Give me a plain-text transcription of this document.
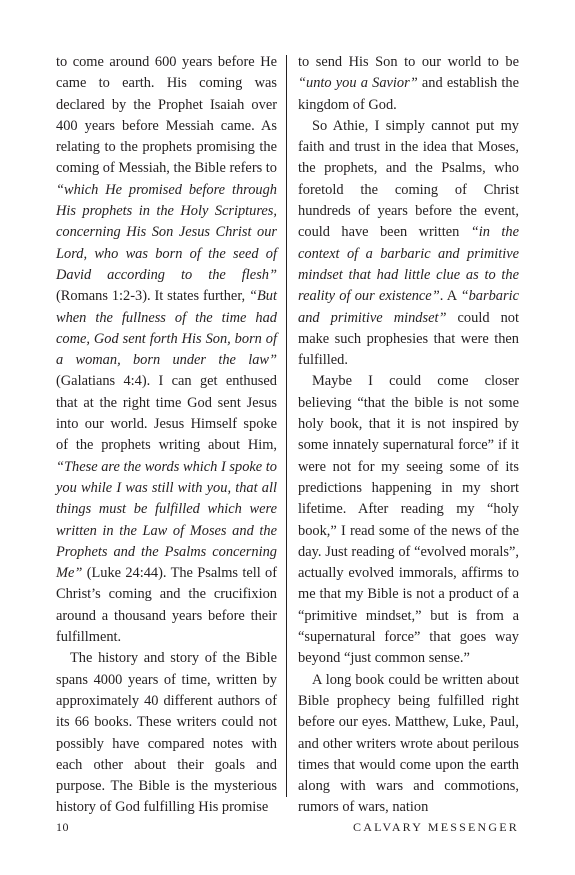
to come around 600 years before He came to earth. His coming was declared by the Prophet Isaiah over 400 years before Messiah came. As relating to the prophets promising the coming of Messiah, the Bible refers to “which He promised before through His prophets in the Holy Scriptures, concerning His Son Jesus Christ our Lord, who was born of the seed of David according to the flesh” (Romans 1:2-3). It states further, “But when the fullness of the time had come, God sent forth His Son, born of a woman, born under the law” (Galatians 4:4). I can get enthused that at the right time God sent Jesus into our world. Jesus Himself spoke of the prophets writing about Him, “These are the words which I spoke to you while I was still with you, that all things must be fulfilled which were written in the Law of Moses and the Prophets and the Psalms concerning Me” (Luke 24:44). The Psalms tell of Christ’s coming and the crucifixion around a thousand years before their fulfillment.

The history and story of the Bible spans 4000 years of time, written by approximately 40 different authors of its 66 books. These writers could not possibly have compared notes with each other about their goals and purpose. The Bible is the mysterious history of God fulfilling His promise

to send His Son to our world to be “unto you a Savior” and establish the kingdom of God.

So Athie, I simply cannot put my faith and trust in the idea that Moses, the prophets, and the Psalms, who foretold the coming of Christ hundreds of years before the event, could have been written “in the context of a barbaric and primitive mindset that had little clue as to the reality of our existence”. A “barbaric and primitive mindset” could not make such prophesies that were then fulfilled.

Maybe I could come closer believing “that the bible is not some holy book, that it is not inspired by some innately supernatural force” if it were not for my seeing some of its predictions happening in my short lifetime. After reading my “holy book,” I read some of the news of the day. Just reading of “evolved morals”, actually evolved immorals, affirms to me that my Bible is not a product of a “primitive mindset,” but is from a “supernatural force” that goes way beyond “just common sense.”

A long book could be written about Bible prophecy being fulfilled right before our eyes. Matthew, Luke, Paul, and other writers wrote about perilous times that would come upon the earth along with wars and commotions, rumors of wars, nation

10	CALVARY MESSENGER
